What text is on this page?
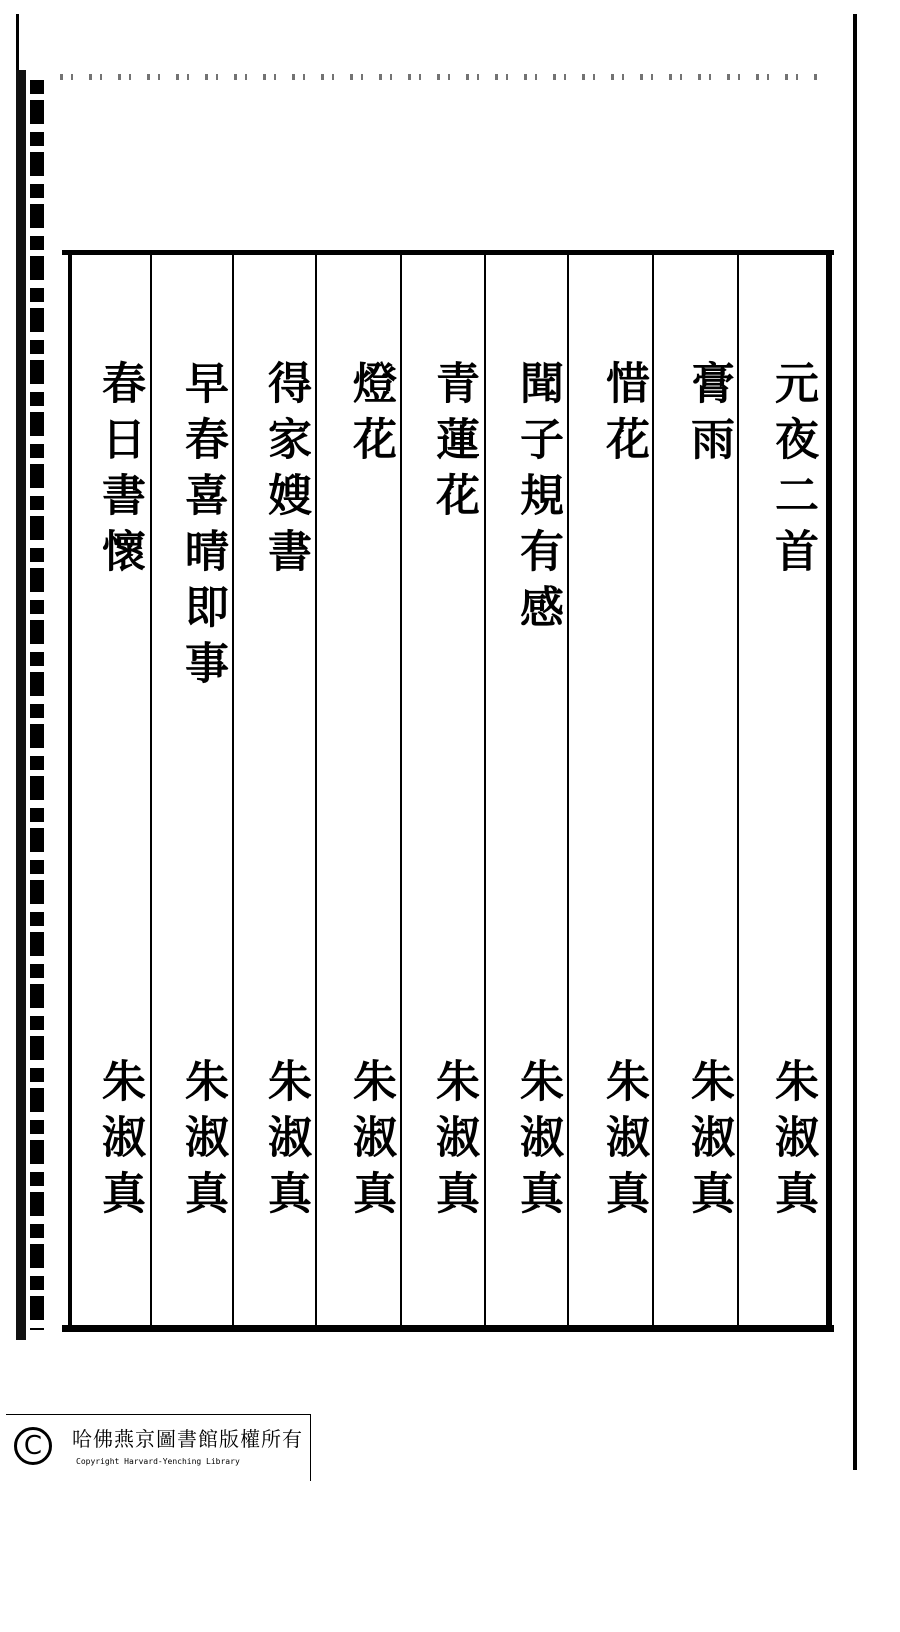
元夜二首
朱淑真
膏雨
朱淑真
惜花
朱淑真
聞子規有感
朱淑真
青蓮花
朱淑真
燈花
朱淑真
得家嫂書
朱淑真
早春喜晴即事
朱淑真
春日書懷
朱淑真
C	哈佛燕京圖書館版權所有
Copyright Harvard-Yenching Library
